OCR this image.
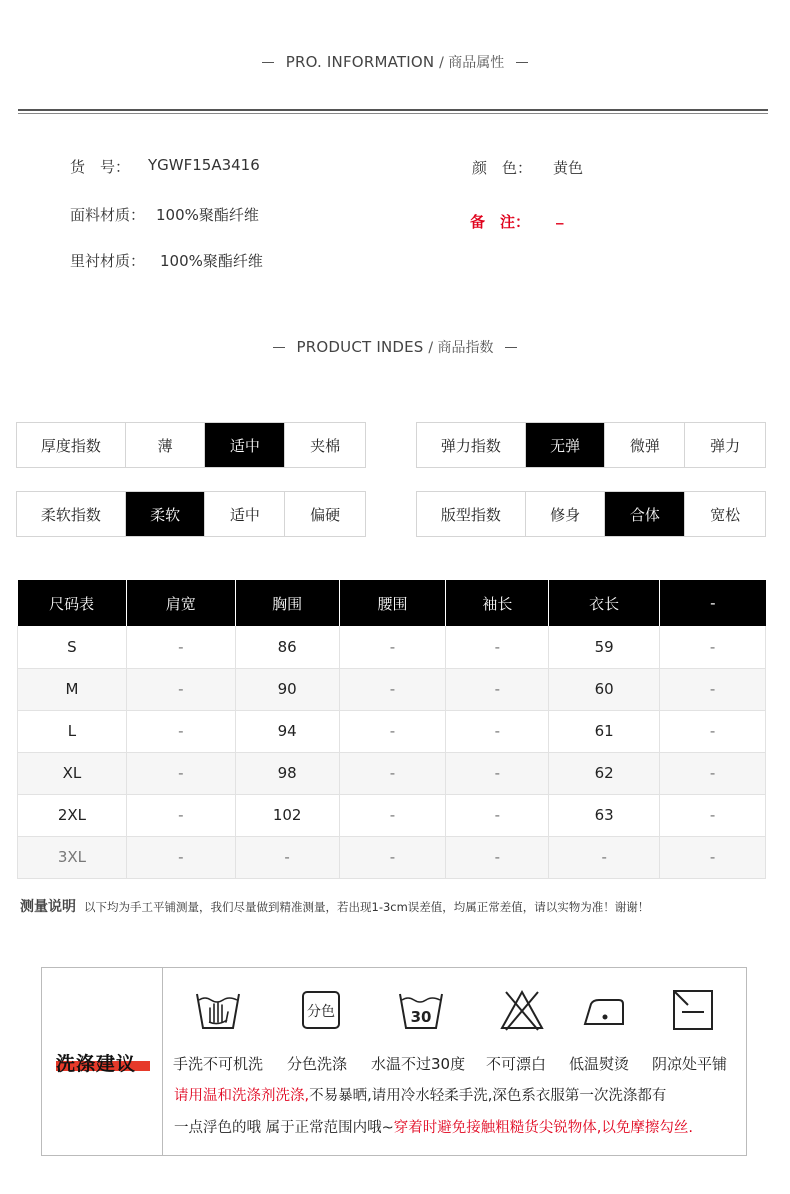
PRO. INFORMATION / 商品属性
货　号： YGWF15A3416
面料材质： 100%聚酯纤维
里衬材质： 100%聚酯纤维
颜　色： 黄色
备　注： _
PRODUCT INDES / 商品指数
厚度指数	薄	适中	夹棉	弹力指数	无弹	微弹	弹力
柔软指数	柔软	适中	偏硬	版型指数	修身	合体	宽松
尺码表	肩宽	胸围	腰围	袖长	衣长	-
S	-	86	-	-	59	-
M	-	90	-	-	60	-
L	-	94	-	-	61	-
XL	-	98	-	-	62	-
2XL	-	102	-	-	63	-
3XL	-	-	-	-	-	-
测量说明 以下均为手工平铺测量，我们尽量做到精准测量，若出现1-3cm误差值，均属正常差值，请以实物为准！谢谢！
洗涤建议 手洗不可机洗
分色
分色洗涤
30
水温不过30度 不可漂白 低温熨烫 阴凉处平铺
请用温和洗涤剂洗涤,不易暴晒,请用冷水轻柔手洗,深色系衣服第一次洗涤都有
一点浮色的哦 属于正常范围内哦~穿着时避免接触粗糙货尖锐物体,以免摩擦勾丝.
